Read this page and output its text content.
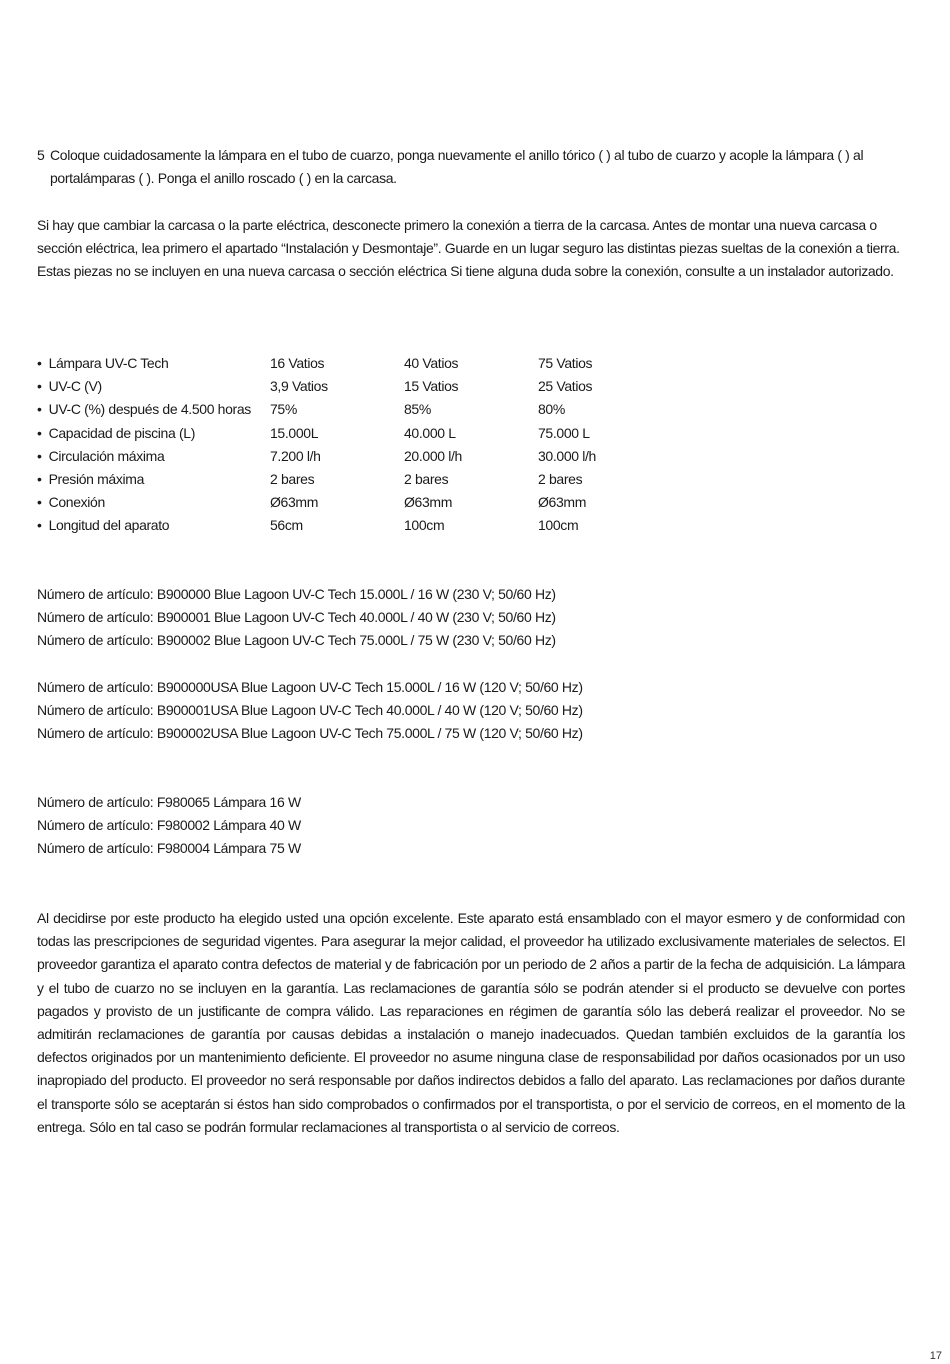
5 Coloque cuidadosamente la lámpara en el tubo de cuarzo, ponga nuevamente el anillo tórico ( ) al tubo de cuarzo y acople la lámpara ( ) al portalámparas ( ). Ponga el anillo roscado ( ) en la carcasa.

Si hay que cambiar la carcasa o la parte eléctrica, desconecte primero la conexión a tierra de la carcasa. Antes de montar una nueva carcasa o sección eléctrica, lea primero el apartado “Instalación y Desmontaje”. Guarde en un lugar seguro las distintas piezas sueltas de la conexión a tierra. Estas piezas no se incluyen en una nueva carcasa o sección eléctrica Si tiene alguna duda sobre la conexión, consulte a un instalador autorizado.

• Lámpara UV-C Tech	16 Vatios	40 Vatios	75 Vatios
• UV-C (V)	3,9 Vatios	15 Vatios	25 Vatios
• UV-C (%) después de 4.500 horas 75%	85%	80%
• Capacidad de piscina (L)	15.000L	40.000 L	75.000 L
• Circulación máxima	7.200 l/h	20.000 l/h	30.000 l/h
• Presión máxima	2 bares	2 bares	2 bares
• Conexión	Ø63mm	Ø63mm	Ø63mm
• Longitud del aparato	56cm	100cm	100cm
Número de artículo: B900000 Blue Lagoon UV-C Tech 15.000L / 16 W (230 V; 50/60 Hz)
Número de artículo: B900001 Blue Lagoon UV-C Tech 40.000L / 40 W (230 V; 50/60 Hz)
Número de artículo: B900002 Blue Lagoon UV-C Tech 75.000L / 75 W (230 V; 50/60 Hz)
Número de artículo: B900000USA Blue Lagoon UV-C Tech 15.000L / 16 W (120 V; 50/60 Hz)
Número de artículo: B900001USA Blue Lagoon UV-C Tech 40.000L / 40 W (120 V; 50/60 Hz)
Número de artículo: B900002USA Blue Lagoon UV-C Tech 75.000L / 75 W (120 V; 50/60 Hz)
Número de artículo: F980065 Lámpara 16 W
Número de artículo: F980002 Lámpara 40 W
Número de artículo: F980004 Lámpara 75 W

Al decidirse por este producto ha elegido usted una opción excelente. Este aparato está ensamblado con el mayor esmero y de conformidad con todas las prescripciones de seguridad vigentes. Para asegurar la mejor calidad, el proveedor ha utilizado exclusivamente materiales de selectos. El proveedor garantiza el aparato contra defectos de material y de fabricación por un periodo de 2 años a partir de la fecha de adquisición. La lámpara y el tubo de cuarzo no se incluyen en la garantía. Las reclamaciones de garantía sólo se podrán atender si el producto se devuelve con portes pagados y provisto de un justificante de compra válido. Las reparaciones en régimen de garantía sólo las deberá realizar el proveedor. No se admitirán reclamaciones de garantía por causas debidas a instalación o manejo inadecuados. Quedan también excluidos de la garantía los defectos originados por un mantenimiento deficiente. El proveedor no asume ninguna clase de responsabilidad por daños ocasionados por un uso inapropiado del producto. El proveedor no será responsable por daños indirectos debidos a fallo del aparato. Las reclamaciones por daños durante el transporte sólo se aceptarán si éstos han sido comprobados o confirmados por el transportista, o por el servicio de correos, en el momento de la entrega. Sólo en tal caso se podrán formular reclamaciones al transportista o al servicio de correos.

17
